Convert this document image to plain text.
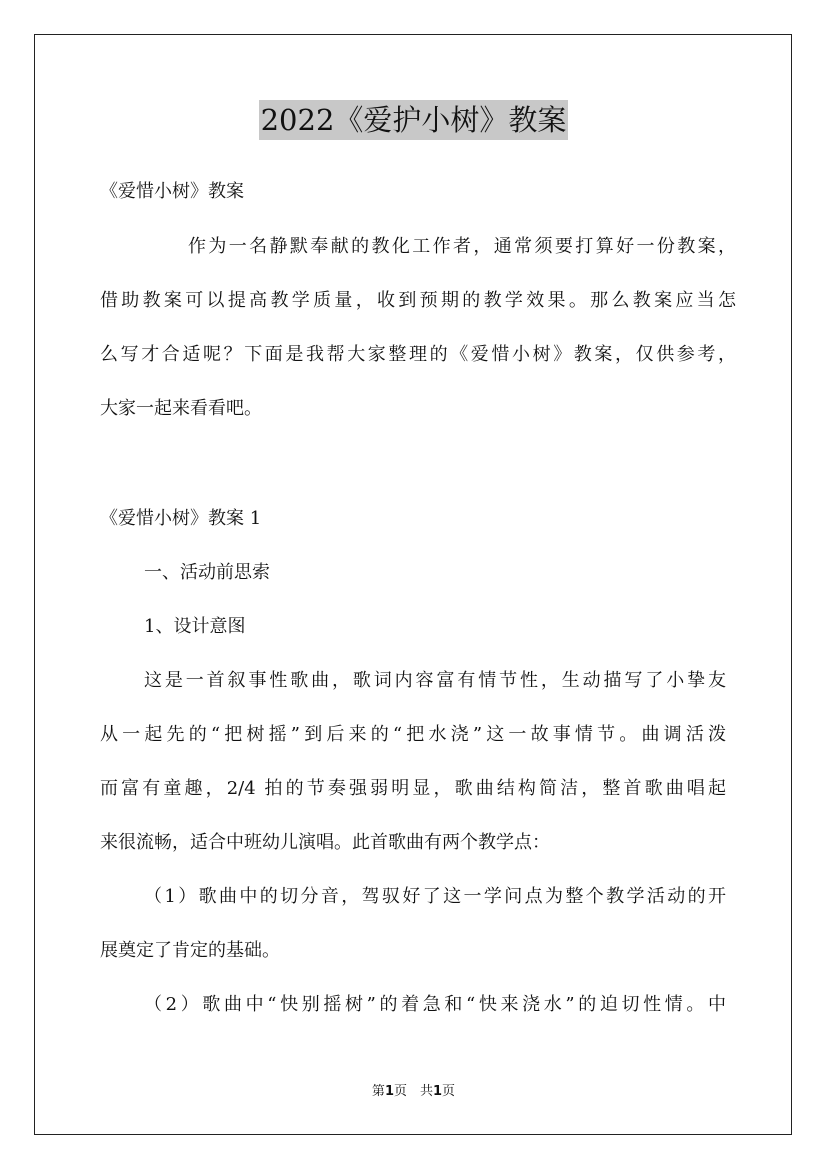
2022《爱护小树》教案
《爱惜小树》教案
作为一名静默奉献的教化工作者，通常须要打算好一份教案，
借助教案可以提高教学质量，收到预期的教学效果。那么教案应当怎
么写才合适呢？下面是我帮大家整理的《爱惜小树》教案，仅供参考，
大家一起来看看吧。
《爱惜小树》教案 1
一、活动前思索
1、设计意图
这是一首叙事性歌曲，歌词内容富有情节性，生动描写了小挚友
从一起先的“把树摇”到后来的“把水浇”这一故事情节。曲调活泼
而富有童趣，2/4 拍的节奏强弱明显，歌曲结构简洁，整首歌曲唱起
来很流畅，适合中班幼儿演唱。此首歌曲有两个教学点：
（1）歌曲中的切分音，驾驭好了这一学问点为整个教学活动的开
展奠定了肯定的基础。
（2）歌曲中“快别摇树”的着急和“快来浇水”的迫切性情。中
第1页　共1页
